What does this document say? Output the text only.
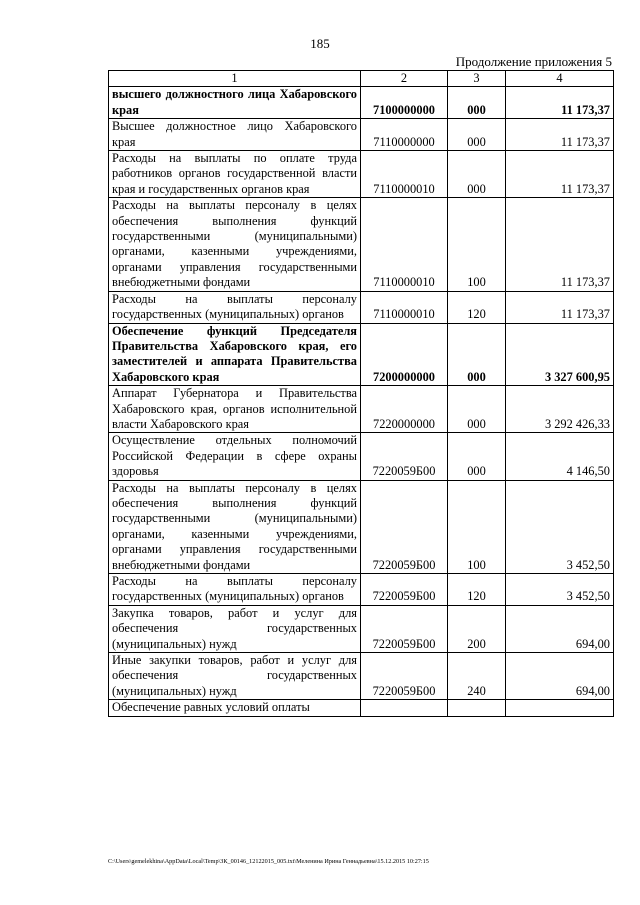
185
Продолжение приложения 5
1	2	3	4
высшего должностного лица Хабаровского края	7100000000	000	11 173,37
Высшее должностное лицо Хабаровского края	7110000000	000	11 173,37
Расходы на выплаты по оплате труда работников органов государственной власти края и государственных органов края	7110000010	000	11 173,37
Расходы на выплаты персоналу в целях обеспечения выполнения функций государственными (муниципальными) органами, казенными учреждениями, органами управления государственными внебюджетными фондами	7110000010	100	11 173,37
Расходы на выплаты персоналу государственных (муниципальных) органов	7110000010	120	11 173,37
Обеспечение функций Председателя Правительства Хабаровского края, его заместителей и аппарата Правительства Хабаровского края	7200000000	000	3 327 600,95
Аппарат Губернатора и Правительства Хабаровского края, органов исполнительной власти Хабаровского края	7220000000	000	3 292 426,33
Осуществление отдельных полномочий Российской Федерации в сфере охраны здоровья	7220059Б00	000	4 146,50
Расходы на выплаты персоналу в целях обеспечения выполнения функций государственными (муниципальными) органами, казенными учреждениями, органами управления государственными внебюджетными фондами	7220059Б00	100	3 452,50
Расходы на выплаты персоналу государственных (муниципальных) органов	7220059Б00	120	3 452,50
Закупка товаров, работ и услуг для обеспечения государственных (муниципальных) нужд	7220059Б00	200	694,00
Иные закупки товаров, работ и услуг для обеспечения государственных (муниципальных) нужд	7220059Б00	240	694,00
Обеспечение равных условий оплаты			
C:\Users\gemelekhina\AppData\Local\Temp\ЗК_00146_12122015_005.txt\Меленина Ирина Геннадьевна\15.12.2015 10:27:15
